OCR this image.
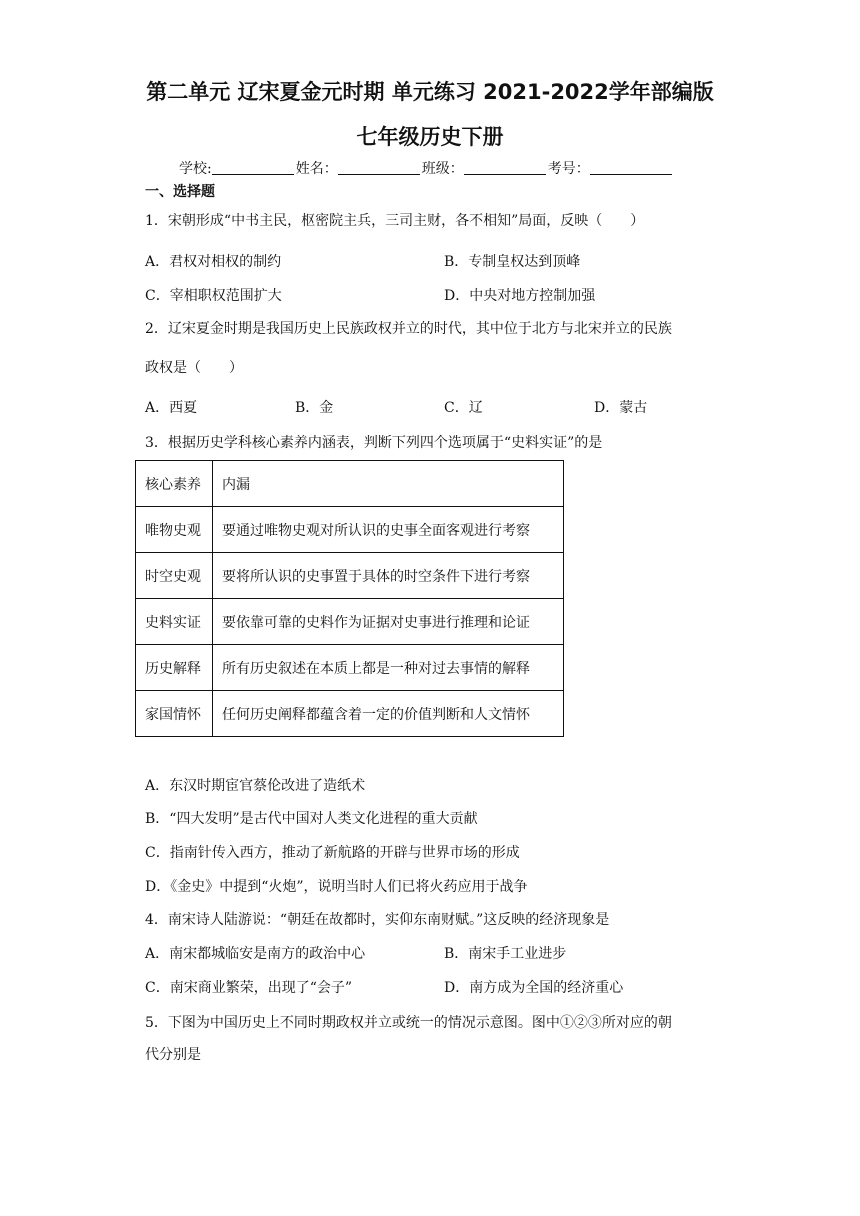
第二单元 辽宋夏金元时期 单元练习 2021-2022学年部编版
七年级历史下册
学校:	姓名：	班级：	考号：
一、选择题
1．宋朝形成“中书主民，枢密院主兵，三司主财，各不相知”局面，反映（　　）
A．君权对相权的制约	B．专制皇权达到顶峰
C．宰相职权范围扩大	D．中央对地方控制加强
2．辽宋夏金时期是我国历史上民族政权并立的时代，其中位于北方与北宋并立的民族
政权是（　　）
A．西夏	B．金	C．辽	D．蒙古
3．根据历史学科核心素养内涵表，判断下列四个选项属于“史料实证”的是
核心素养	内漏
唯物史观	要通过唯物史观对所认识的史事全面客观进行考察
时空史观	要将所认识的史事置于具体的时空条件下进行考察
史料实证	要依靠可靠的史料作为证据对史事进行推理和论证
历史解释	所有历史叙述在本质上都是一种对过去事情的解释
家国情怀	任何历史阐释都蕴含着一定的价值判断和人文情怀
A．东汉时期宦官蔡伦改进了造纸术
B．“四大发明”是古代中国对人类文化进程的重大贡献
C．指南针传入西方，推动了新航路的开辟与世界市场的形成
D．《金史》中提到“火炮”，说明当时人们已将火药应用于战争
4．南宋诗人陆游说：“朝廷在故都时，实仰东南财赋。”这反映的经济现象是
A．南宋都城临安是南方的政治中心	B．南宋手工业进步
C．南宋商业繁荣，出现了“会子”	D．南方成为全国的经济重心
5．下图为中国历史上不同时期政权并立或统一的情况示意图。图中①②③所对应的朝
代分别是
